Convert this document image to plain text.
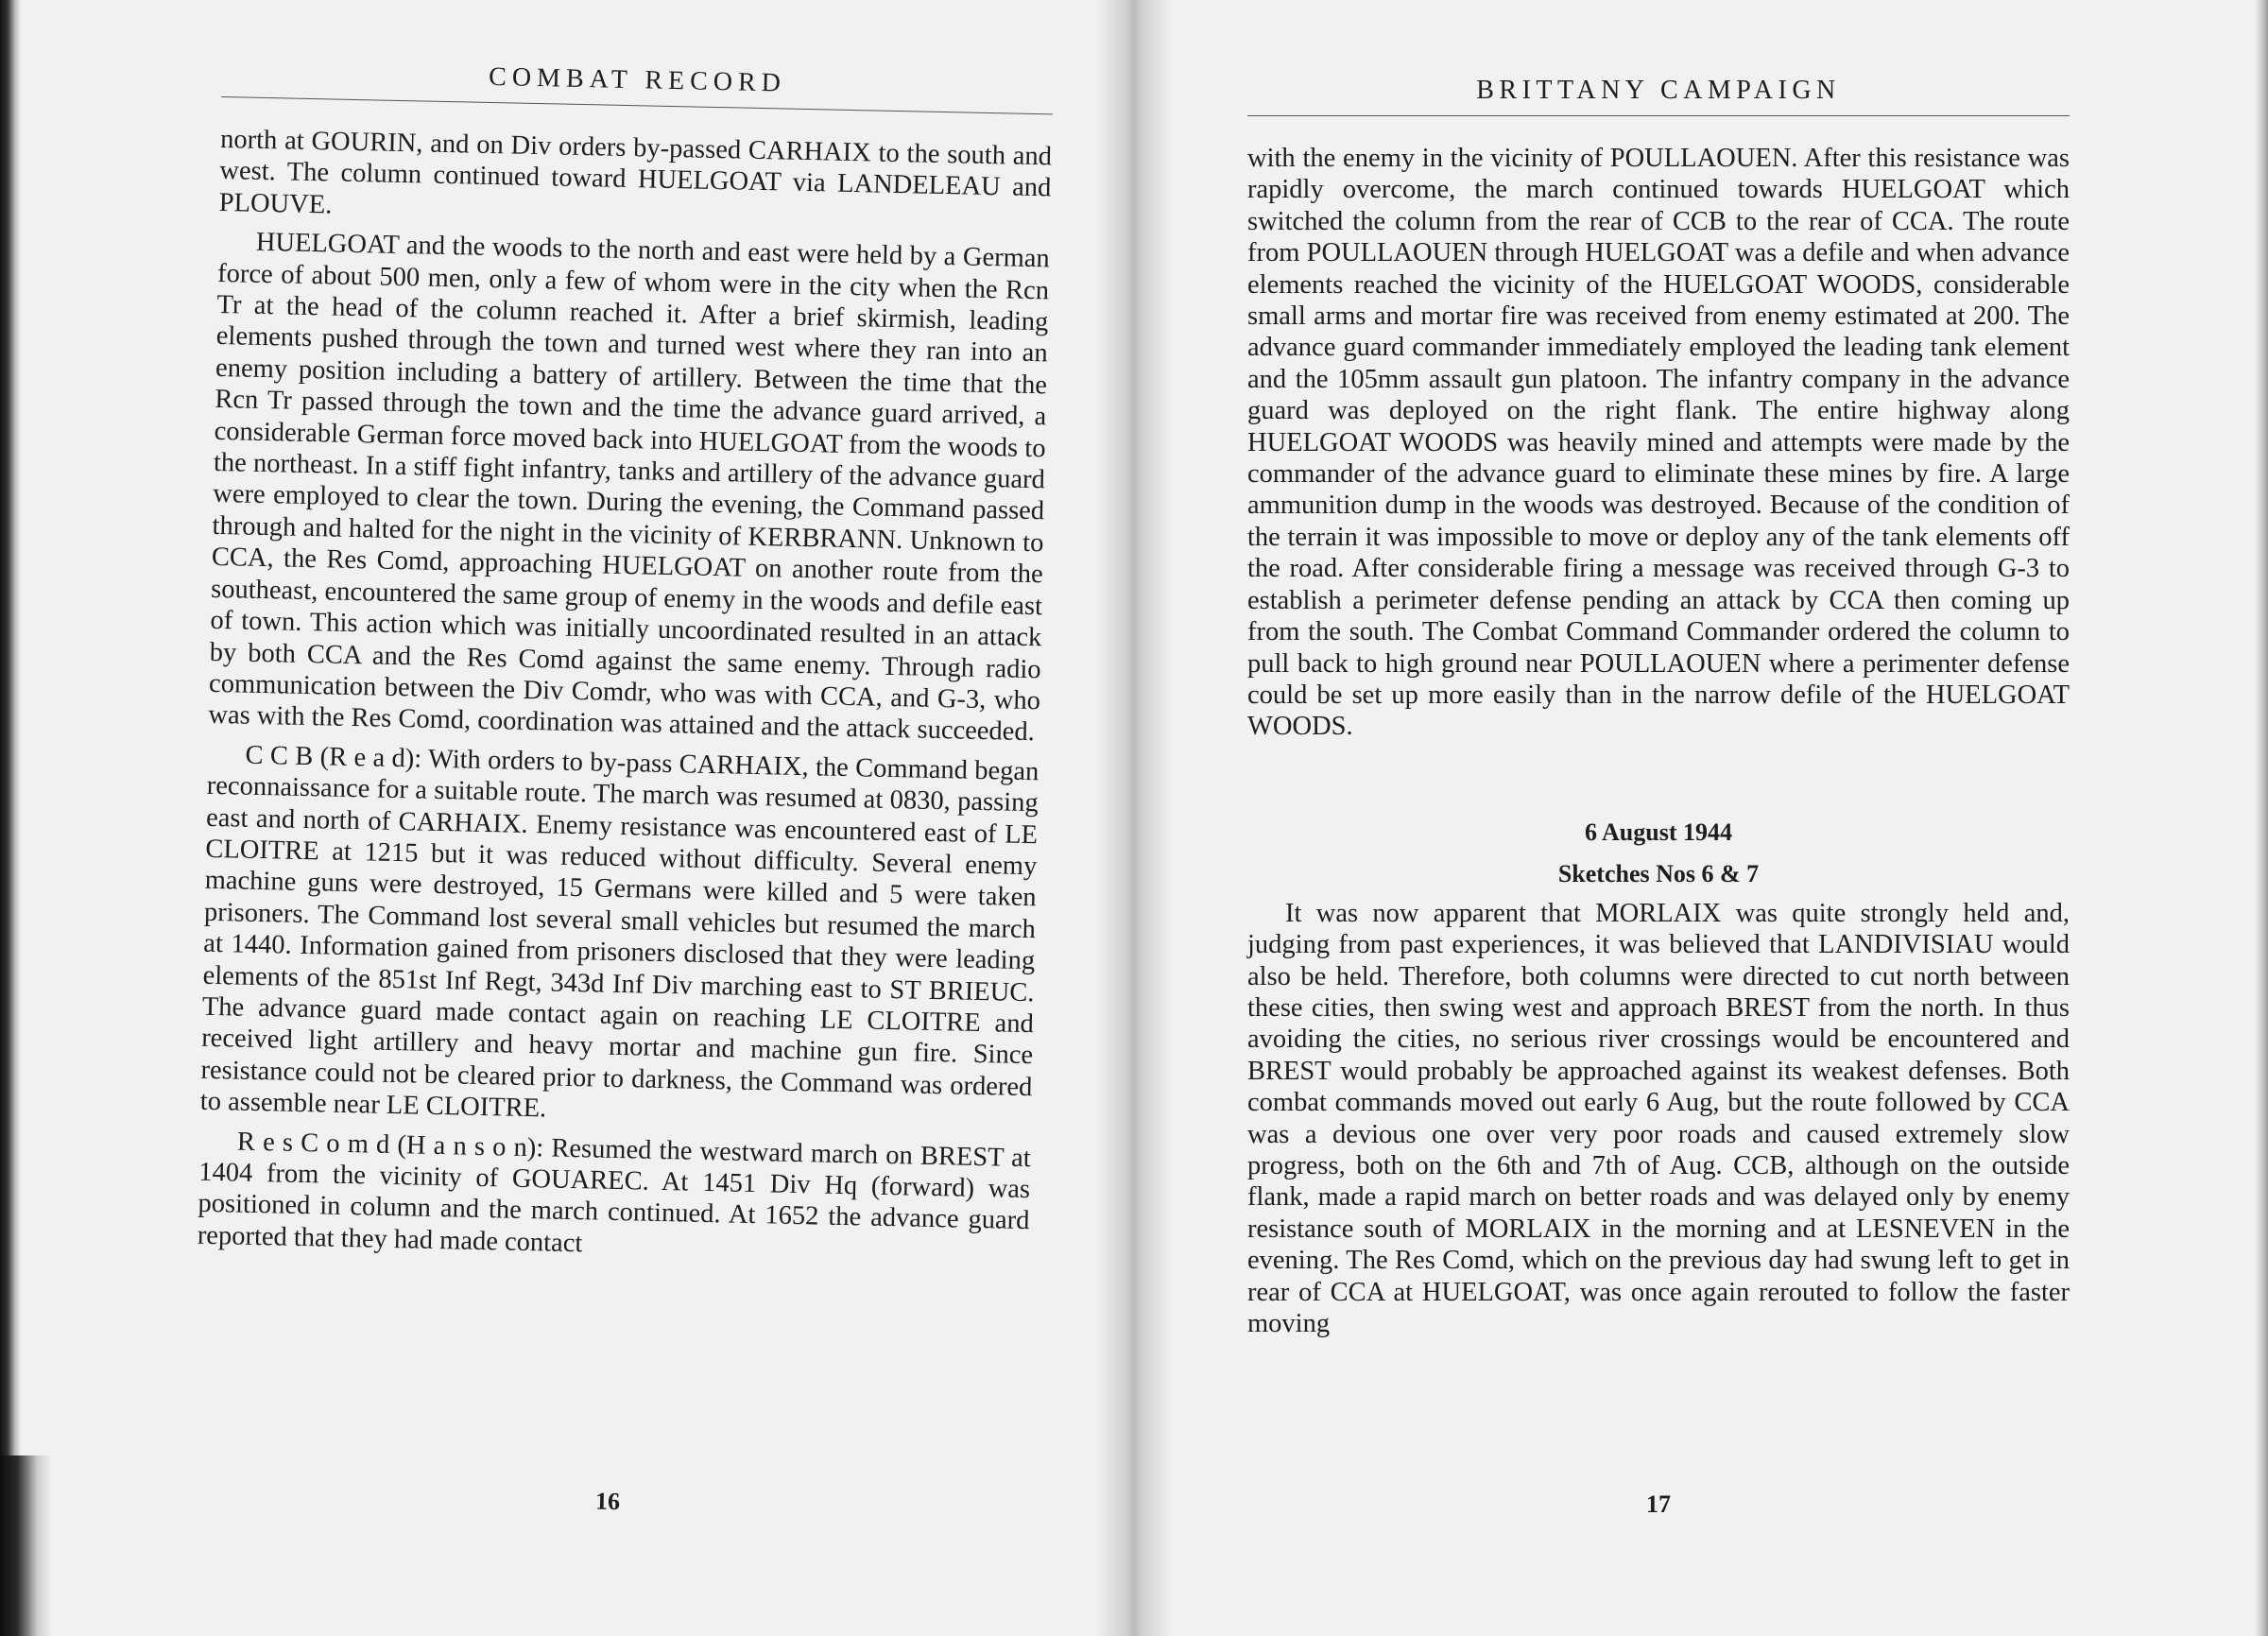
COMBAT RECORD

north at GOURIN, and on Div orders by-passed CARHAIX to the south and west. The column continued toward HUELGOAT via LANDELEAU and PLOUVE.

HUELGOAT and the woods to the north and east were held by a German force of about 500 men, only a few of whom were in the city when the Rcn Tr at the head of the column reached it. After a brief skirmish, leading elements pushed through the town and turned west where they ran into an enemy position including a battery of artillery. Between the time that the Rcn Tr passed through the town and the time the advance guard arrived, a considerable German force moved back into HUELGOAT from the woods to the northeast. In a stiff fight infantry, tanks and artillery of the advance guard were employed to clear the town. During the evening, the Command passed through and halted for the night in the vicinity of KERBRANN. Unknown to CCA, the Res Comd, approaching HUELGOAT on another route from the southeast, encountered the same group of enemy in the woods and defile east of town. This action which was initially uncoordinated resulted in an attack by both CCA and the Res Comd against the same enemy. Through radio communication between the Div Comdr, who was with CCA, and G-3, who was with the Res Comd, coordination was attained and the attack succeeded.

C C B (R e a d): With orders to by-pass CARHAIX, the Command began reconnaissance for a suitable route. The march was resumed at 0830, passing east and north of CARHAIX. Enemy resistance was encountered east of LE CLOITRE at 1215 but it was reduced without difficulty. Several enemy machine guns were destroyed, 15 Germans were killed and 5 were taken prisoners. The Command lost several small vehicles but resumed the march at 1440. Information gained from prisoners disclosed that they were leading elements of the 851st Inf Regt, 343d Inf Div marching east to ST BRIEUC. The advance guard made contact again on reaching LE CLOITRE and received light artillery and heavy mortar and machine gun fire. Since resistance could not be cleared prior to darkness, the Command was ordered to assemble near LE CLOITRE.

R e s C o m d (H a n s o n): Resumed the westward march on BREST at 1404 from the vicinity of GOUAREC. At 1451 Div Hq (forward) was positioned in column and the march continued. At 1652 the advance guard reported that they had made contact

16
BRITTANY CAMPAIGN

with the enemy in the vicinity of POULLAOUEN. After this resistance was rapidly overcome, the march continued towards HUELGOAT which switched the column from the rear of CCB to the rear of CCA. The route from POULLAOUEN through HUELGOAT was a defile and when advance elements reached the vicinity of the HUELGOAT WOODS, considerable small arms and mortar fire was received from enemy estimated at 200. The advance guard commander immediately employed the leading tank element and the 105mm assault gun platoon. The infantry company in the advance guard was deployed on the right flank. The entire highway along HUELGOAT WOODS was heavily mined and attempts were made by the commander of the advance guard to eliminate these mines by fire. A large ammunition dump in the woods was destroyed. Because of the condition of the terrain it was impossible to move or deploy any of the tank elements off the road. After considerable firing a message was received through G-3 to establish a perimeter defense pending an attack by CCA then coming up from the south. The Combat Command Commander ordered the column to pull back to high ground near POULLAOUEN where a perimenter defense could be set up more easily than in the narrow defile of the HUELGOAT WOODS.

6 August 1944
Sketches Nos 6 & 7

It was now apparent that MORLAIX was quite strongly held and, judging from past experiences, it was believed that LANDIVISIAU would also be held. Therefore, both columns were directed to cut north between these cities, then swing west and approach BREST from the north. In thus avoiding the cities, no serious river crossings would be encountered and BREST would probably be approached against its weakest defenses. Both combat commands moved out early 6 Aug, but the route followed by CCA was a devious one over very poor roads and caused extremely slow progress, both on the 6th and 7th of Aug. CCB, although on the outside flank, made a rapid march on better roads and was delayed only by enemy resistance south of MORLAIX in the morning and at LESNEVEN in the evening. The Res Comd, which on the previous day had swung left to get in rear of CCA at HUELGOAT, was once again rerouted to follow the faster moving

17
